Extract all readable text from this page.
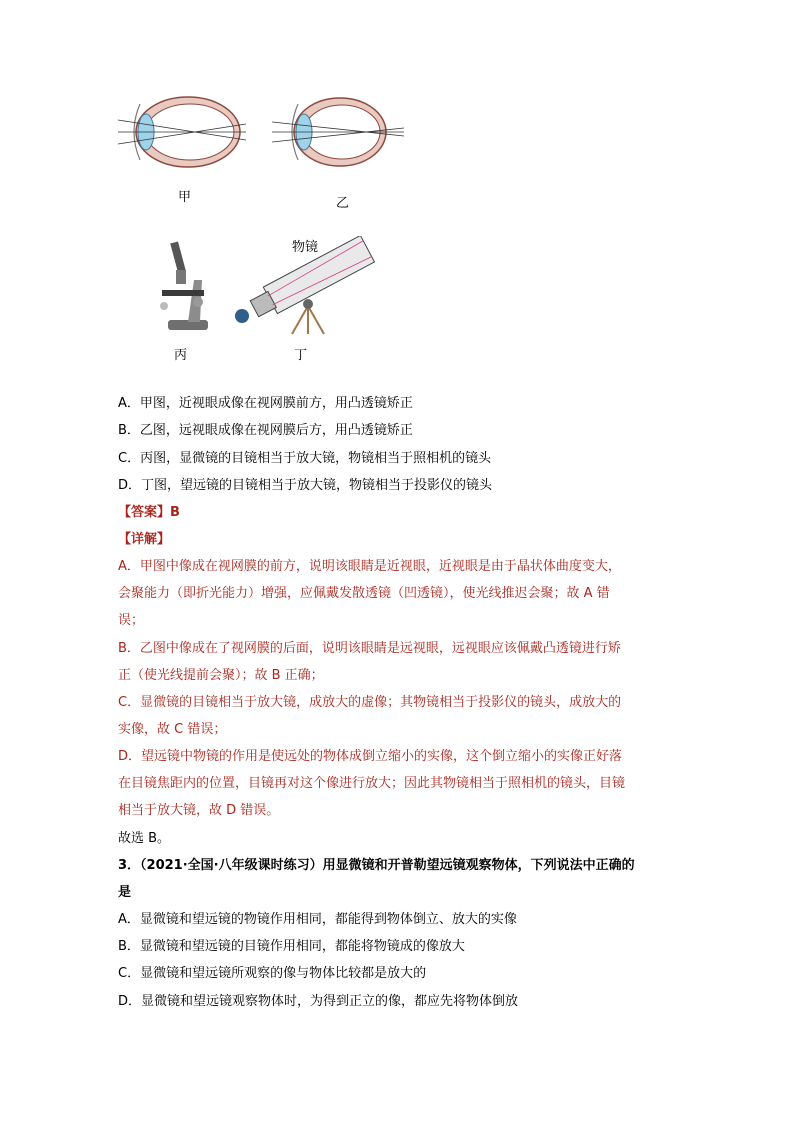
甲	乙
丙
物镜
丁
A．甲图，近视眼成像在视网膜前方，用凸透镜矫正
B．乙图，远视眼成像在视网膜后方，用凸透镜矫正
C．丙图，显微镜的目镜相当于放大镜，物镜相当于照相机的镜头
D．丁图，望远镜的目镜相当于放大镜，物镜相当于投影仪的镜头
【答案】B
【详解】
A．甲图中像成在视网膜的前方，说明该眼睛是近视眼，近视眼是由于晶状体曲度变大，
会聚能力（即折光能力）增强，应佩戴发散透镜（凹透镜），使光线推迟会聚；故 A 错
误；
B．乙图中像成在了视网膜的后面，说明该眼睛是远视眼，远视眼应该佩戴凸透镜进行矫
正（使光线提前会聚）；故 B 正确；
C．显微镜的目镜相当于放大镜，成放大的虚像；其物镜相当于投影仪的镜头，成放大的
实像，故 C 错误；
D．望远镜中物镜的作用是使远处的物体成倒立缩小的实像，这个倒立缩小的实像正好落
在目镜焦距内的位置，目镜再对这个像进行放大；因此其物镜相当于照相机的镜头，目镜
相当于放大镜，故 D 错误。
故选 B。
3．（2021·全国·八年级课时练习）用显微镜和开普勒望远镜观察物体，下列说法中正确的
是
A．显微镜和望远镜的物镜作用相同，都能得到物体倒立、放大的实像
B．显微镜和望远镜的目镜作用相同，都能将物镜成的像放大
C．显微镜和望远镜所观察的像与物体比较都是放大的
D．显微镜和望远镜观察物体时，为得到正立的像，都应先将物体倒放
